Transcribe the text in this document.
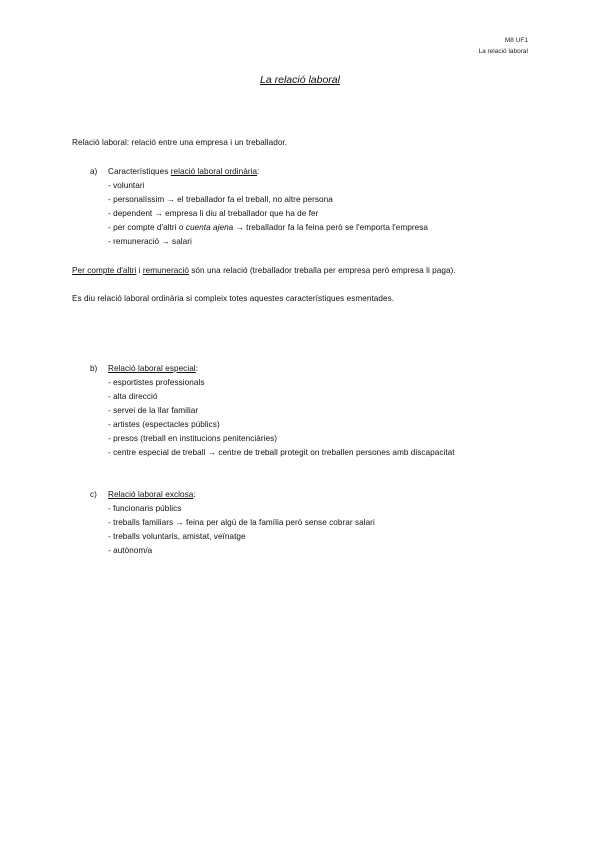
M8 UF1
La relació laboral
La relació laboral
Relació laboral: relació entre una empresa i un treballador.
a) Característiques relació laboral ordinària:
- voluntari
- personalíssim → el treballador fa el treball, no altre persona
- dependent → empresa li diu al treballador que ha de fer
- per compte d'altri o cuenta ajena → treballador fa la feina però se l'emporta l'empresa
- remuneració → salari
Per compte d'altri i remuneració són una relació (treballador treballa per empresa però empresa li paga).
Es diu relació laboral ordinària si compleix totes aquestes característiques esmentades.
b) Relació laboral especial:
- esportistes professionals
- alta direcció
- servei de la llar familiar
- artistes (espectacles públics)
- presos (treball en institucions penitenciàries)
- centre especial de treball → centre de treball protegit on treballen persones amb discapacitat
c) Relació laboral exclosa:
- funcionaris públics
- treballs familiars → feina per algú de la família però sense cobrar salari
- treballs voluntaris, amistat, veïnatge
- autònom/a
